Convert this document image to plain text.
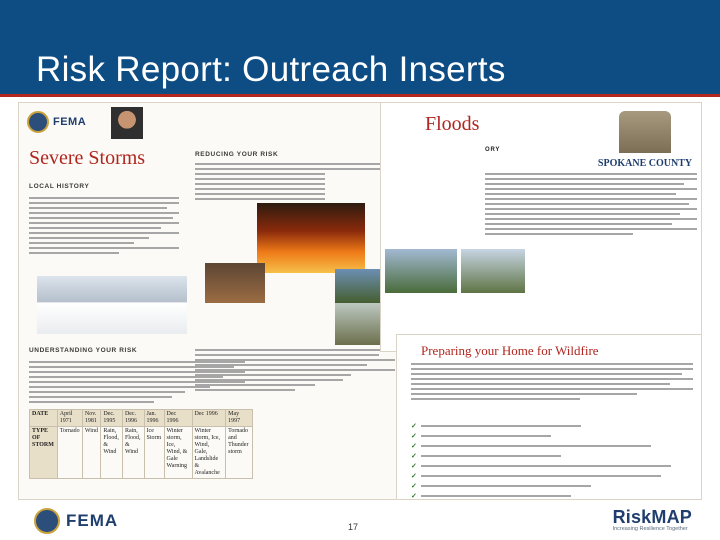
Risk Report: Outreach Inserts
FEMA
Severe Storms
LOCAL HISTORY
UNDERSTANDING YOUR RISK
REDUCING YOUR RISK
DATE	April 1971	Nov. 1981	Dec. 1995	Dec. 1996	Jan. 1996	Dec 1996	Dec 1996	May 1997
TYPE OF STORM	Tornado	Wind	Rain, Flood, & Wind	Rain, Flood, & Wind	Ice Storm	Winter storm, Ice, Wind, & Gale Warning	Winter storm, Ice, Wind, Gale, Landslide & Avalanche	Tornado and Thunder storm
Floods
ORY
SPOKANE COUNTY
Preparing your Home for Wildfire
✓
✓
✓
✓
✓
✓
✓
✓
FEMA	17	RiskMAP
Increasing Resilience Together
